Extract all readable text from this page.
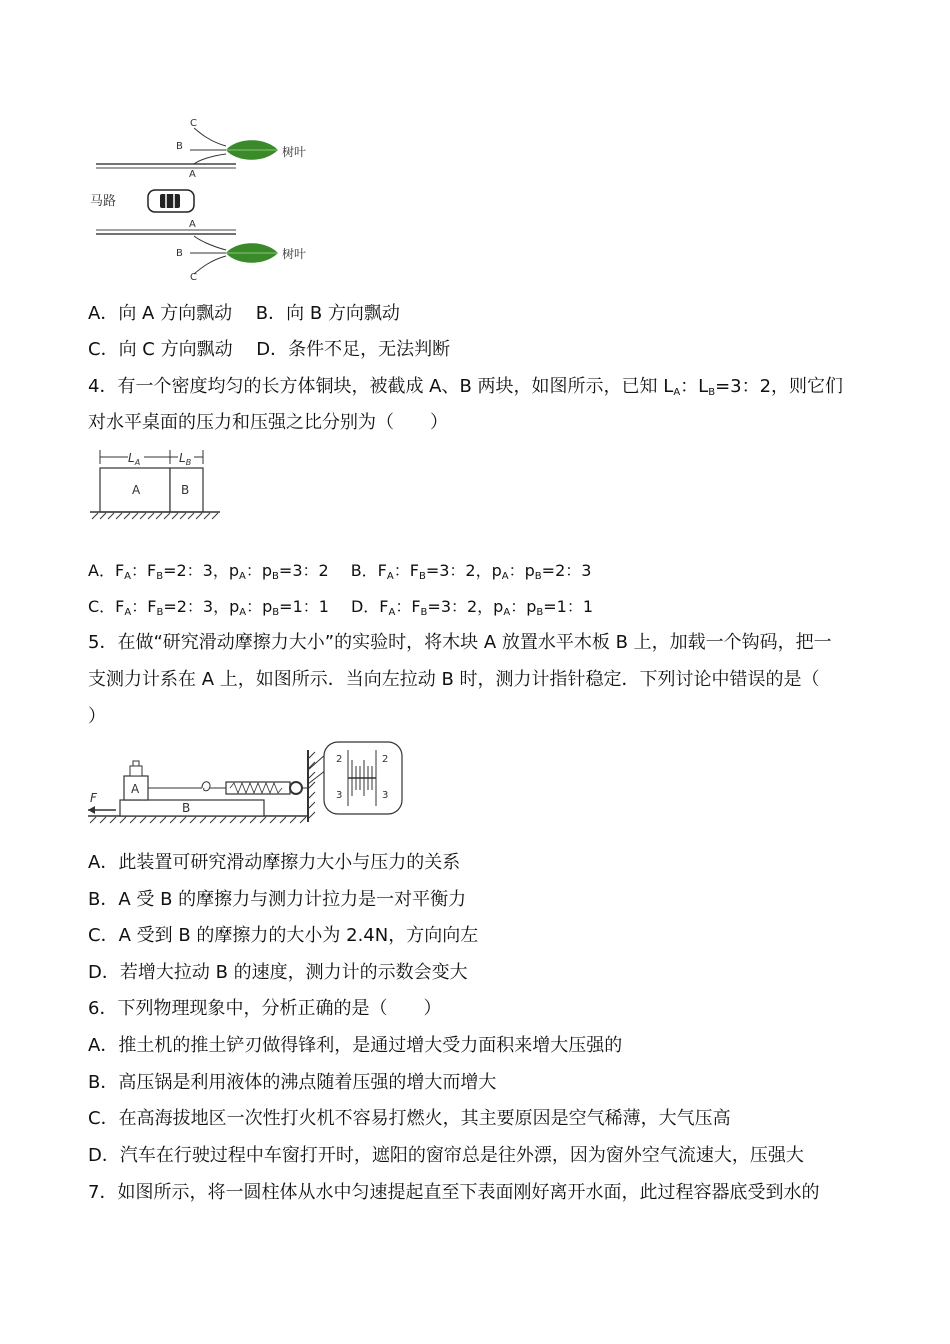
马路
C
B
A
树叶
A
B
C
树叶
A．向 A 方向飘动　 B．向 B 方向飘动
C．向 C 方向飘动　 D．条件不足，无法判断
4．有一个密度均匀的长方体铜块，被截成 A、B 两块，如图所示，已知 $L_A$：$L_B=3$：2，则它们
对水平桌面的压力和压强之比分别为（　　）
$L_A$	$L_B$
A	B
A．$F_A$：$F_B=2$：3，$p_A$：$p_B=3$：2 B．$F_A$：$F_B=3$：2，$p_A$：$p_B=2$：3
C．$F_A$：$F_B=2$：3，$p_A$：$p_B=1$：1 D．$F_A$：$F_B=3$：2，$p_A$：$p_B=1$：1
5．在做“研究滑动摩擦力大小”的实验时，将木块 A 放置水平木板 B 上，加载一个钩码，把一
支测力计系在 A 上，如图所示．当向左拉动 B 时，测力计指针稳定．下列讨论中错误的是（
）
B
A
F
2
3
2
3
A．此装置可研究滑动摩擦力大小与压力的关系
B．A 受 B 的摩擦力与测力计拉力是一对平衡力
C．A 受到 B 的摩擦力的大小为 2.4N，方向向左
D．若增大拉动 B 的速度，测力计的示数会变大
6．下列物理现象中，分析正确的是（　　）
A．推土机的推土铲刃做得锋利，是通过增大受力面积来增大压强的
B．高压锅是利用液体的沸点随着压强的增大而增大
C．在高海拔地区一次性打火机不容易打燃火，其主要原因是空气稀薄，大气压高
D．汽车在行驶过程中车窗打开时，遮阳的窗帘总是往外漂，因为窗外空气流速大，压强大
7．如图所示，将一圆柱体从水中匀速提起直至下表面刚好离开水面，此过程容器底受到水的
